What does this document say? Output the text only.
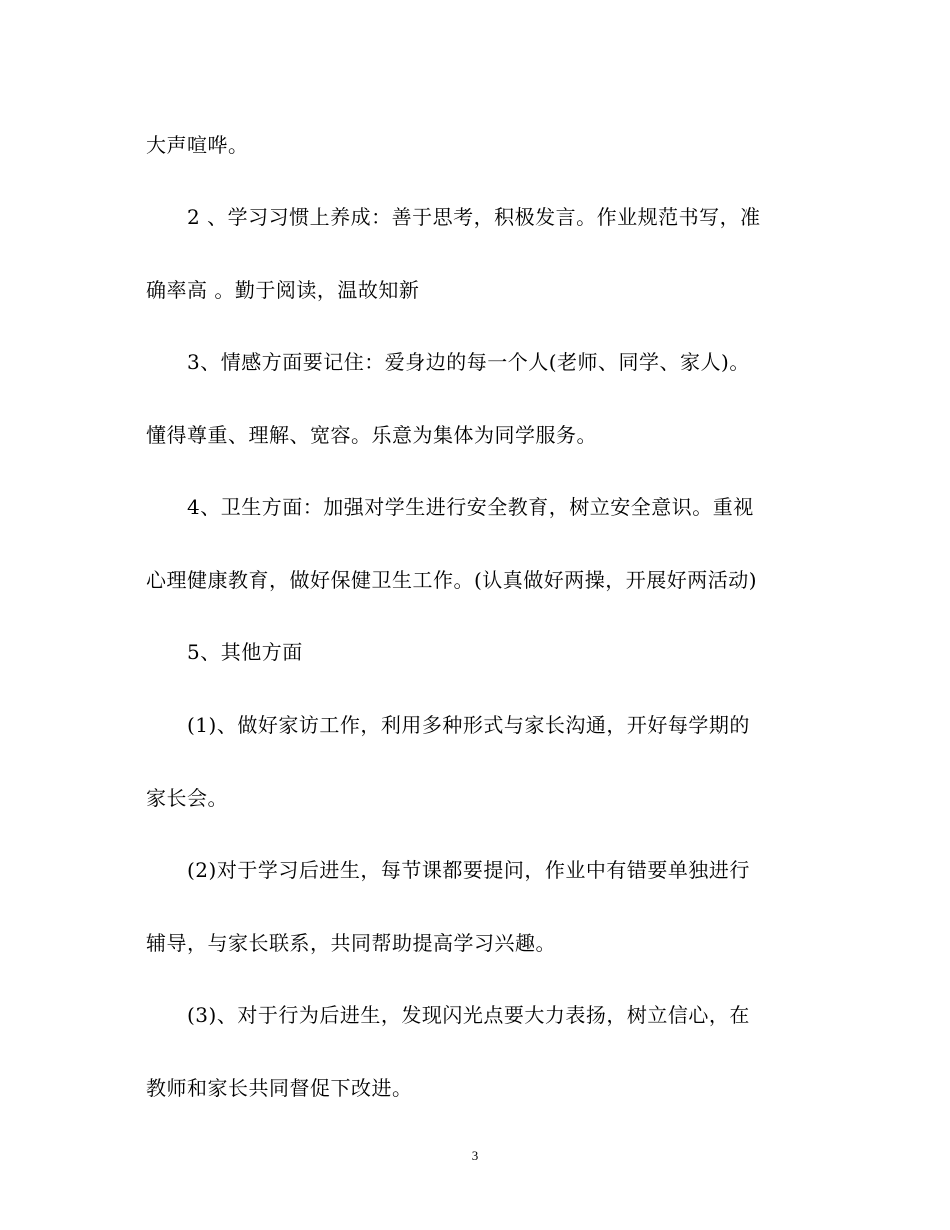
大声喧哗。
2 、学习习惯上养成：善于思考，积极发言。作业规范书写，准
确率高 。勤于阅读，温故知新
3、情感方面要记住：爱身边的每一个人(老师、同学、家人)。
懂得尊重、理解、宽容。乐意为集体为同学服务。
4、卫生方面：加强对学生进行安全教育，树立安全意识。重视
心理健康教育，做好保健卫生工作。(认真做好两操，开展好两活动)
5、其他方面
(1)、做好家访工作，利用多种形式与家长沟通，开好每学期的
家长会。
(2)对于学习后进生，每节课都要提问，作业中有错要单独进行
辅导，与家长联系，共同帮助提高学习兴趣。
(3)、对于行为后进生，发现闪光点要大力表扬，树立信心，在
教师和家长共同督促下改进。
3
